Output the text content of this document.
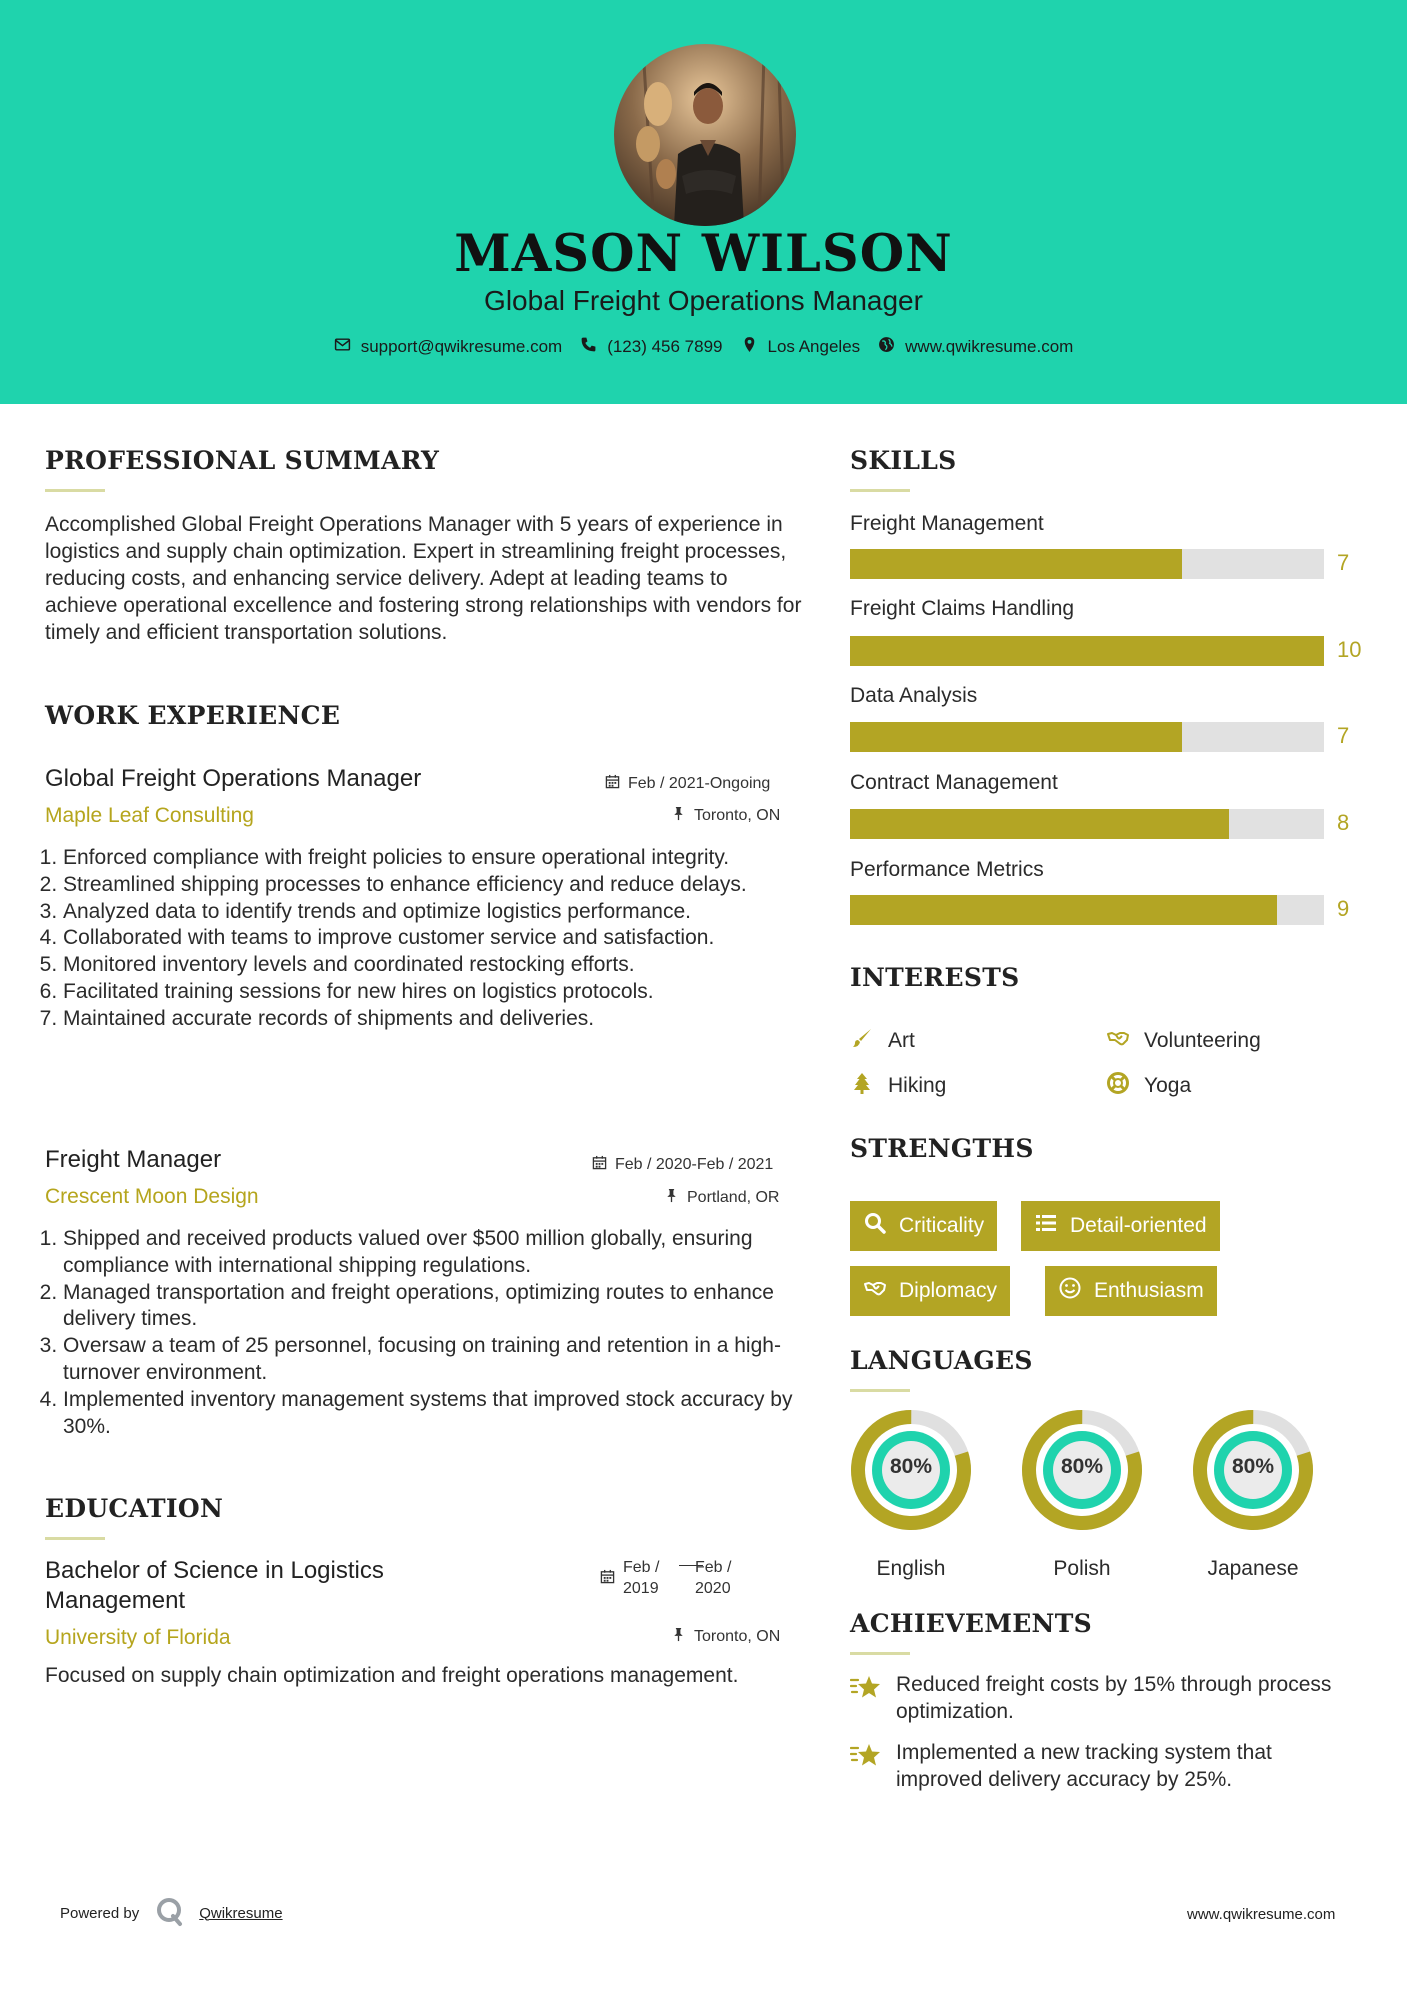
MASON WILSON
Global Freight Operations Manager
support@qwikresume.com	(123) 456 7899	Los Angeles	www.qwikresume.com
PROFESSIONAL SUMMARY
Accomplished Global Freight Operations Manager with 5 years of experience in logistics and supply chain optimization. Expert in streamlining freight processes, reducing costs, and enhancing service delivery. Adept at leading teams to achieve operational excellence and fostering strong relationships with vendors for timely and efficient transportation solutions.
WORK EXPERIENCE
Global Freight Operations Manager	Feb / 2021-Ongoing
Maple Leaf Consulting	Toronto, ON
1. Enforced compliance with freight policies to ensure operational integrity.
2. Streamlined shipping processes to enhance efficiency and reduce delays.
3. Analyzed data to identify trends and optimize logistics performance.
4. Collaborated with teams to improve customer service and satisfaction.
5. Monitored inventory levels and coordinated restocking efforts.
6. Facilitated training sessions for new hires on logistics protocols.
7. Maintained accurate records of shipments and deliveries.
Freight Manager	Feb / 2020-Feb / 2021
Crescent Moon Design	Portland, OR
1. Shipped and received products valued over $500 million globally, ensuring compliance with international shipping regulations.
2. Managed transportation and freight operations, optimizing routes to enhance delivery times.
3. Oversaw a team of 25 personnel, focusing on training and retention in a high-turnover environment.
4. Implemented inventory management systems that improved stock accuracy by 30%.
EDUCATION
Bachelor of Science in Logistics Management
Feb / 2019
Feb / 2020
University of Florida	Toronto, ON
Focused on supply chain optimization and freight operations management.
SKILLS
Freight Management
7
Freight Claims Handling
10
Data Analysis
7
Contract Management
8
Performance Metrics
9
INTERESTS
Art	Volunteering
Hiking	Yoga
STRENGTHS
Criticality	Detail-oriented
Diplomacy	Enthusiasm
LANGUAGES
80%
English
80%
Polish
80%
Japanese
ACHIEVEMENTS
Reduced freight costs by 15% through process optimization.
Implemented a new tracking system that improved delivery accuracy by 25%.
Powered by	Qwikresume	www.qwikresume.com
